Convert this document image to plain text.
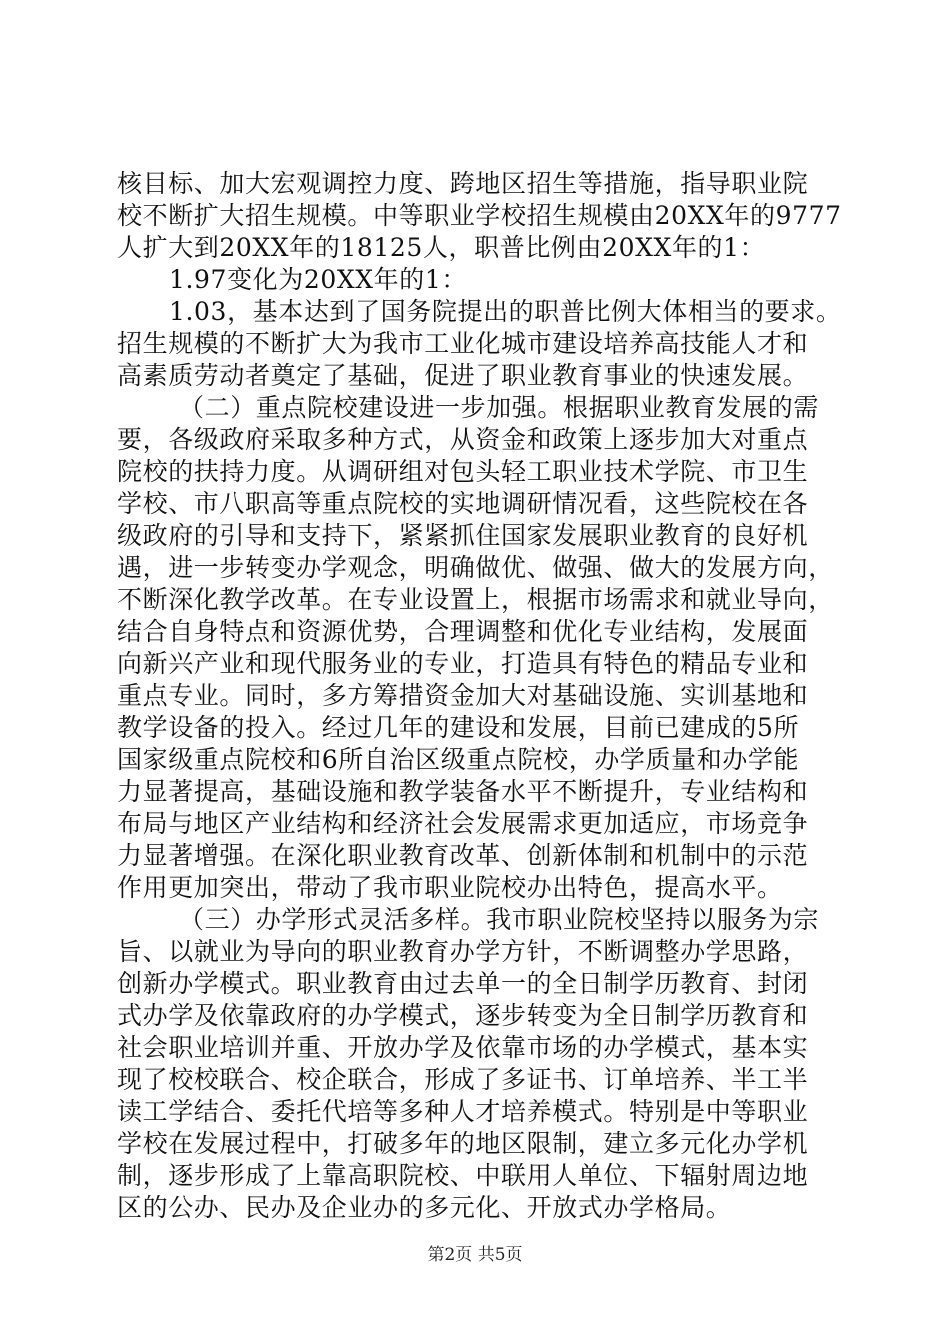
核目标、加大宏观调控力度、跨地区招生等措施，指导职业院
校不断扩大招生规模。中等职业学校招生规模由20XX年的9777
人扩大到20XX年的18125人，职普比例由20XX年的1：
1.97变化为20XX年的1：
1.03，基本达到了国务院提出的职普比例大体相当的要求。
招生规模的不断扩大为我市工业化城市建设培养高技能人才和
高素质劳动者奠定了基础，促进了职业教育事业的快速发展。
（二）重点院校建设进一步加强。根据职业教育发展的需
要，各级政府采取多种方式，从资金和政策上逐步加大对重点
院校的扶持力度。从调研组对包头轻工职业技术学院、市卫生
学校、市八职高等重点院校的实地调研情况看，这些院校在各
级政府的引导和支持下，紧紧抓住国家发展职业教育的良好机
遇，进一步转变办学观念，明确做优、做强、做大的发展方向，
不断深化教学改革。在专业设置上，根据市场需求和就业导向，
结合自身特点和资源优势，合理调整和优化专业结构，发展面
向新兴产业和现代服务业的专业，打造具有特色的精品专业和
重点专业。同时，多方筹措资金加大对基础设施、实训基地和
教学设备的投入。经过几年的建设和发展，目前已建成的5所
国家级重点院校和6所自治区级重点院校，办学质量和办学能
力显著提高，基础设施和教学装备水平不断提升，专业结构和
布局与地区产业结构和经济社会发展需求更加适应，市场竞争
力显著增强。在深化职业教育改革、创新体制和机制中的示范
作用更加突出，带动了我市职业院校办出特色，提高水平。
（三）办学形式灵活多样。我市职业院校坚持以服务为宗
旨、以就业为导向的职业教育办学方针，不断调整办学思路，
创新办学模式。职业教育由过去单一的全日制学历教育、封闭
式办学及依靠政府的办学模式，逐步转变为全日制学历教育和
社会职业培训并重、开放办学及依靠市场的办学模式，基本实
现了校校联合、校企联合，形成了多证书、订单培养、半工半
读工学结合、委托代培等多种人才培养模式。特别是中等职业
学校在发展过程中，打破多年的地区限制，建立多元化办学机
制，逐步形成了上靠高职院校、中联用人单位、下辐射周边地
区的公办、民办及企业办的多元化、开放式办学格局。
第2页 共5页
